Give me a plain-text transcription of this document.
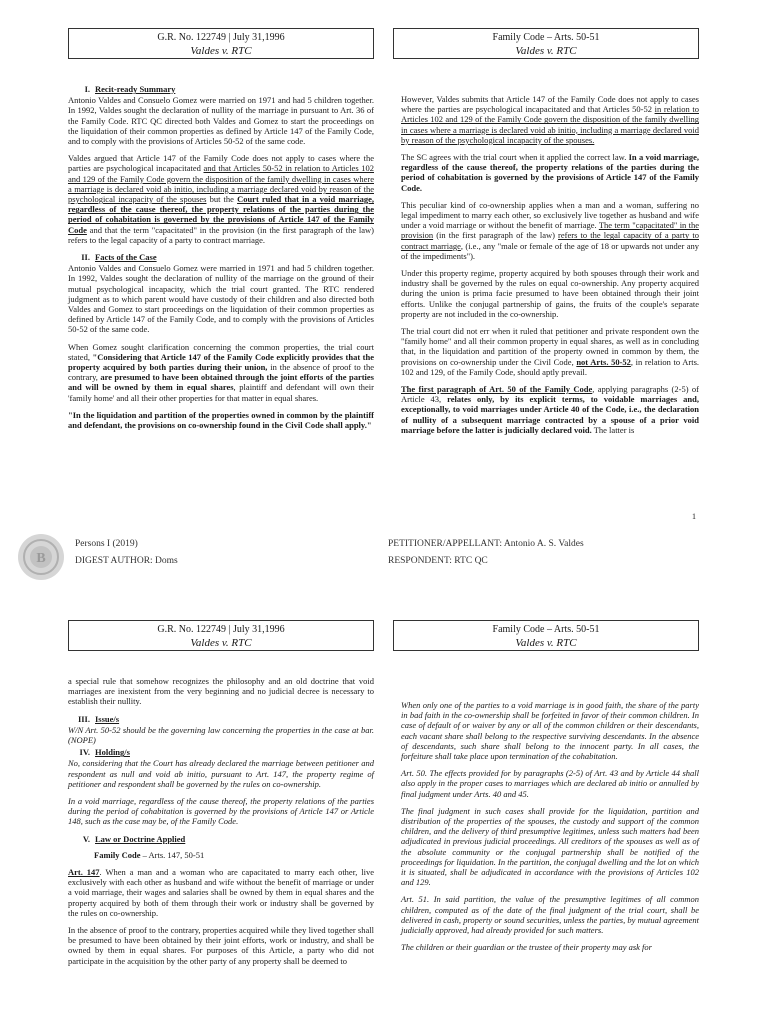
G.R. No. 122749 | July 31,1996
Valdes v. RTC
Family Code – Arts. 50-51
Valdes v. RTC
I. Recit-ready Summary

Antonio Valdes and Consuelo Gomez were married on 1971 and had 5 children together. In 1992, Valdes sought the declaration of nullity of the marriage in pursuant to Art. 36 of the Family Code. RTC QC directed both Valdes and Gomez to start the proceedings on the liquidation of their common properties as defined by Article 147 of the Family Code, and to comply with the provisions of Articles 50-52 of the same code.

Valdes argued that Article 147 of the Family Code does not apply to cases where the parties are psychological incapacitated and that Articles 50-52 in relation to Articles 102 and 129 of the Family Code govern the disposition of the family dwelling in cases where a marriage is declared void ab initio, including a marriage declared void by reason of the psychological incapacity of the spouses but the Court ruled that in a void marriage, regardless of the cause thereof, the property relations of the parties during the period of cohabitation is governed by the provisions of Article 147 of the Family Code and that the term "capacitated" in the provision (in the first paragraph of the law) refers to the legal capacity of a party to contract marriage.

II. Facts of the Case

Antonio Valdes and Consuelo Gomez were married in 1971 and had 5 children together. In 1992, Valdes sought the declaration of nullity of the marriage on the ground of their mutual psychological incapacity, which the trial court granted. The RTC rendered judgment as to which parent would have custody of their children and also directed both Valdes and Gomez to start proceedings on the liquidation of their common properties as defined by Article 147 of the Family Code, and to comply with the provisions of Articles 50-52 of the same code.

When Gomez sought clarification concerning the common properties, the trial court stated, "Considering that Article 147 of the Family Code explicitly provides that the property acquired by both parties during their union, in the absence of proof to the contrary, are presumed to have been obtained through the joint efforts of the parties and will be owned by them in equal shares, plaintiff and defendant will own their 'family home' and all their other properties for that matter in equal shares.

"In the liquidation and partition of the properties owned in common by the plaintiff and defendant, the provisions on co-ownership found in the Civil Code shall apply."

However, Valdes submits that Article 147 of the Family Code does not apply to cases where the parties are psychological incapacitated and that Articles 50-52 in relation to Articles 102 and 129 of the Family Code govern the disposition of the family dwelling in cases where a marriage is declared void ab initio, including a marriage declared void by reason of the psychological incapacity of the spouses.

The SC agrees with the trial court when it applied the correct law. In a void marriage, regardless of the cause thereof, the property relations of the parties during the period of cohabitation is governed by the provisions of Article 147 of the Family Code.

This peculiar kind of co-ownership applies when a man and a woman, suffering no legal impediment to marry each other, so exclusively live together as husband and wife under a void marriage or without the benefit of marriage. The term "capacitated" in the provision (in the first paragraph of the law) refers to the legal capacity of a party to contract marriage, (i.e., any "male or female of the age of 18 or upwards not under any of the impediments").

Under this property regime, property acquired by both spouses through their work and industry shall be governed by the rules on equal co-ownership. Any property acquired during the union is prima facie presumed to have been obtained through their joint efforts. Unlike the conjugal partnership of gains, the fruits of the couple's separate property are not included in the co-ownership.

The trial court did not err when it ruled that petitioner and private respondent own the "family home" and all their common property in equal shares, as well as in concluding that, in the liquidation and partition of the property owned in common by them, the provisions on co-ownership under the Civil Code, not Arts. 50-52, in relation to Arts. 102 and 129, of the Family Code, should aptly prevail.

The first paragraph of Art. 50 of the Family Code, applying paragraphs (2-5) of Article 43, relates only, by its explicit terms, to voidable marriages and, exceptionally, to void marriages under Article 40 of the Code, i.e., the declaration of nullity of a subsequent marriage contracted by a spouse of a prior void marriage before the latter is judicially declared void. The latter is

1
B
Persons I (2019)
DIGEST AUTHOR: Doms
PETITIONER/APPELLANT: Antonio A. S. Valdes
RESPONDENT: RTC QC
G.R. No. 122749 | July 31,1996
Valdes v. RTC
Family Code – Arts. 50-51
Valdes v. RTC

a special rule that somehow recognizes the philosophy and an old doctrine that void marriages are inexistent from the very beginning and no judicial decree is necessary to establish their nullity.

III. Issue/s

W/N Art. 50-52 should be the governing law concerning the properties in the case at bar. (NOPE)

IV. Holding/s

No, considering that the Court has already declared the marriage between petitioner and respondent as null and void ab initio, pursuant to Art. 147, the property regime of petitioner and respondent shall be governed by the rules on co-ownership.

In a void marriage, regardless of the cause thereof, the property relations of the parties during the period of cohabitation is governed by the provisions of Article 147 or Article 148, such as the case may be, of the Family Code.

V. Law or Doctrine Applied

Family Code – Arts. 147, 50-51

Art. 147. When a man and a woman who are capacitated to marry each other, live exclusively with each other as husband and wife without the benefit of marriage or under a void marriage, their wages and salaries shall be owned by them in equal shares and the property acquired by both of them through their work or industry shall be governed by the rules on co-ownership.

In the absence of proof to the contrary, properties acquired while they lived together shall be presumed to have been obtained by their joint efforts, work or industry, and shall be owned by them in equal shares. For purposes of this Article, a party who did not participate in the acquisition by the other party of any property shall be deemed to

When only one of the parties to a void marriage is in good faith, the share of the party in bad faith in the co-ownership shall be forfeited in favor of their common children. In case of default of or waiver by any or all of the common children or their descendants, each vacant share shall belong to the respective surviving descendants. In the absence of descendants, such share shall belong to the innocent party. In all cases, the forfeiture shall take place upon termination of the cohabitation.

Art. 50. The effects provided for by paragraphs (2-5) of Art. 43 and by Article 44 shall also apply in the proper cases to marriages which are declared ab initio or annulled by final judgment under Arts. 40 and 45.

The final judgment in such cases shall provide for the liquidation, partition and distribution of the properties of the spouses, the custody and support of the common children, and the delivery of third presumptive legitimes, unless such matters had been adjudicated in previous judicial proceedings. All creditors of the spouses as well as of the absolute community or the conjugal partnership shall be notified of the proceedings for liquidation. In the partition, the conjugal dwelling and the lot on which it is situated, shall be adjudicated in accordance with the provisions of Articles 102 and 129.

Art. 51. In said partition, the value of the presumptive legitimes of all common children, computed as of the date of the final judgment of the trial court, shall be delivered in cash, property or sound securities, unless the parties, by mutual agreement judicially approved, had already provided for such matters.

The children or their guardian or the trustee of their property may ask for
